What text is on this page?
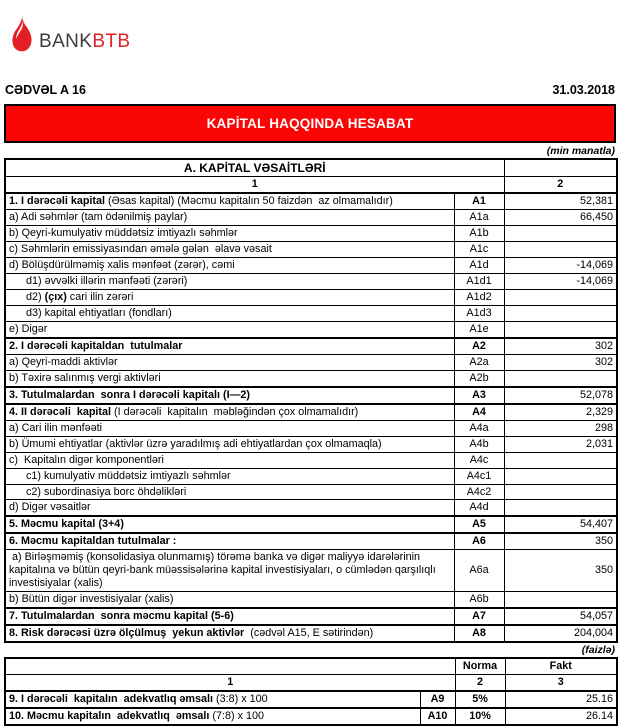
BANKBTB
CƏDVƏL A 16	31.03.2018
KAPİTAL HAQQINDA HESABAT
(min manatla)
A. KAPİTAL VƏSAİTLƏRİ		
1		2
1. I dərəcəli kapital (Əsas kapital) (Məcmu kapitalın 50 faizdən  az olmamalıdır)	A1	52,381
a) Adi səhmlər (tam ödənilmiş paylar)	A1a	66,450
b) Qeyri-kumulyativ müddətsiz imtiyazlı səhmlər	A1b	
c) Səhmlərin emissiyasından əmələ gələn  əlavə vəsait	A1c	
d) Bölüşdürülməmiş xalis mənfəət (zərər), cəmi	A1d	-14,069
d1) əvvəlki illərin mənfəəti (zərəri)	A1d1	-14,069
d2) (çıx) cari ilin zərəri	A1d2	
d3) kapital ehtiyatları (fondları)	A1d3	
e) Digər	A1e	
2. I dərəcəli kapitaldan  tutulmalar	A2	302
a) Qeyri-maddi aktivlər	A2a	302
b) Təxirə salınmış vergi aktivləri	A2b	
3. Tutulmalardan  sonra I dərəcəli kapitalı (I—2)	A3	52,078
4. II dərəcəli  kapital (I dərəcəli  kapitalın  məbləğindən çox olmamalıdır)	A4	2,329
a) Cari ilin mənfəəti	A4a	298
b) Ümumi ehtiyatlar (aktivlər üzrə yaradılmış adi ehtiyatlardan çox olmamaqla)	A4b	2,031
c)  Kapitalın digər komponentləri	A4c	
c1) kumulyativ müddətsiz imtiyazlı səhmlər	A4c1	
c2) subordinasiya borc öhdəlikləri	A4c2	
d) Digər vəsaitlər	A4d	
5. Məcmu kapital (3+4)	A5	54,407
6. Məcmu kapitaldan tutulmalar :	A6	350
a) Birləşməmiş (konsolidasiya olunmamış) törəmə banka və digər maliyyə idarələrinin kapitalına və bütün qeyri-bank müəssisələrinə kapital investisiyaları, o cümlədən qarşılıqlı investisiyalar (xalis)	A6a	350
b) Bütün digər investisiyalar (xalis)	A6b	
7. Tutulmalardan  sonra məcmu kapital (5-6)	A7	54,057
8. Risk dərəcəsi üzrə ölçülmuş  yekun aktivlər  (cədvəl A15, E sətirindən)	A8	204,004
(faizlə)
		Norma	Fakt
1		2	3
9. I dərəcəli  kapitalın  adekvatlıq əmsalı (3:8) x 100	A9	5%	25.16
10. Məcmu kapitalın  adekvatlıq  əmsalı (7:8) x 100	A10	10%	26.14
